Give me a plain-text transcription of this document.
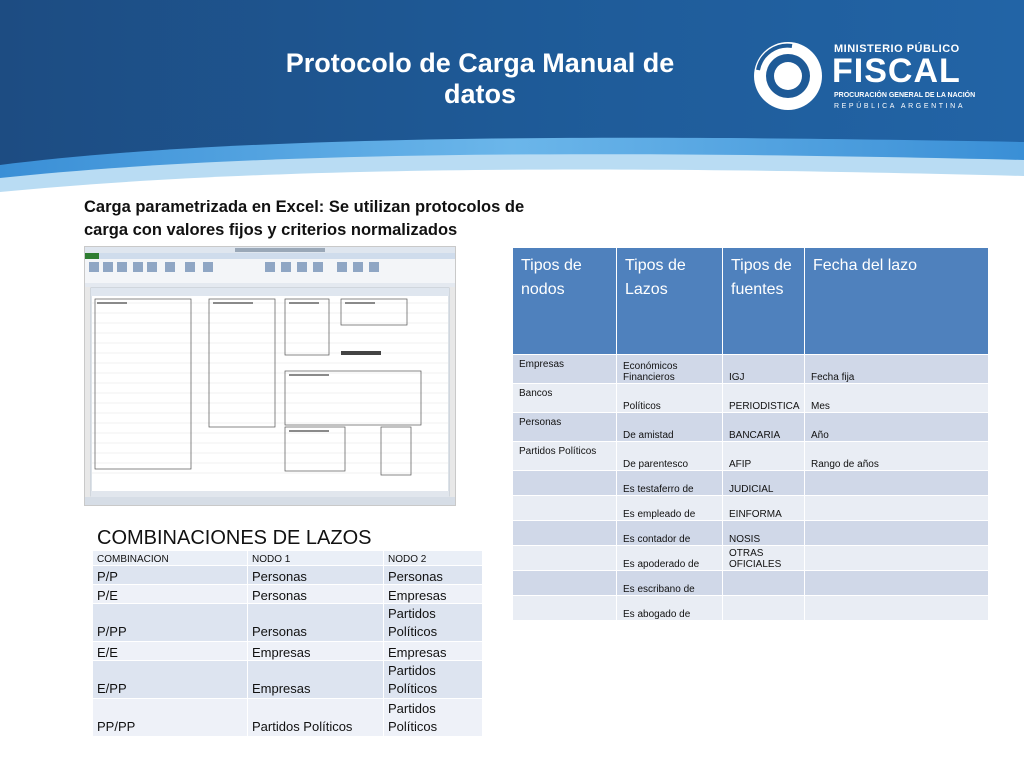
Protocolo de Carga Manual de datos
MINISTERIO PÚBLICO
FISCAL
PROCURACIÓN GENERAL DE LA NACIÓN
REPÚBLICA ARGENTINA
Carga parametrizada en Excel: Se utilizan protocolos de carga con valores fijos y criterios normalizados
COMBINACIONES DE LAZOS		
COMBINACION	NODO 1	NODO 2
P/P	Personas	Personas
P/E	Personas	Empresas
P/PP	Personas	Partidos Políticos
E/E	Empresas	Empresas
E/PP	Empresas	Partidos Políticos
PP/PP	Partidos Políticos	Partidos Políticos
Tipos de nodos	Tipos de Lazos	Tipos de fuentes	Fecha del lazo
Empresas	Económicos Financieros	IGJ	Fecha fija
Bancos	Políticos	PERIODISTICA	Mes
Personas	De amistad	BANCARIA	Año
Partidos Políticos	De parentesco	AFIP	Rango de años
	Es testaferro de	JUDICIAL	
	Es empleado de	EINFORMA	
	Es contador de	NOSIS	
	Es apoderado de	OTRAS OFICIALES	
	Es escribano de		
	Es abogado de		
